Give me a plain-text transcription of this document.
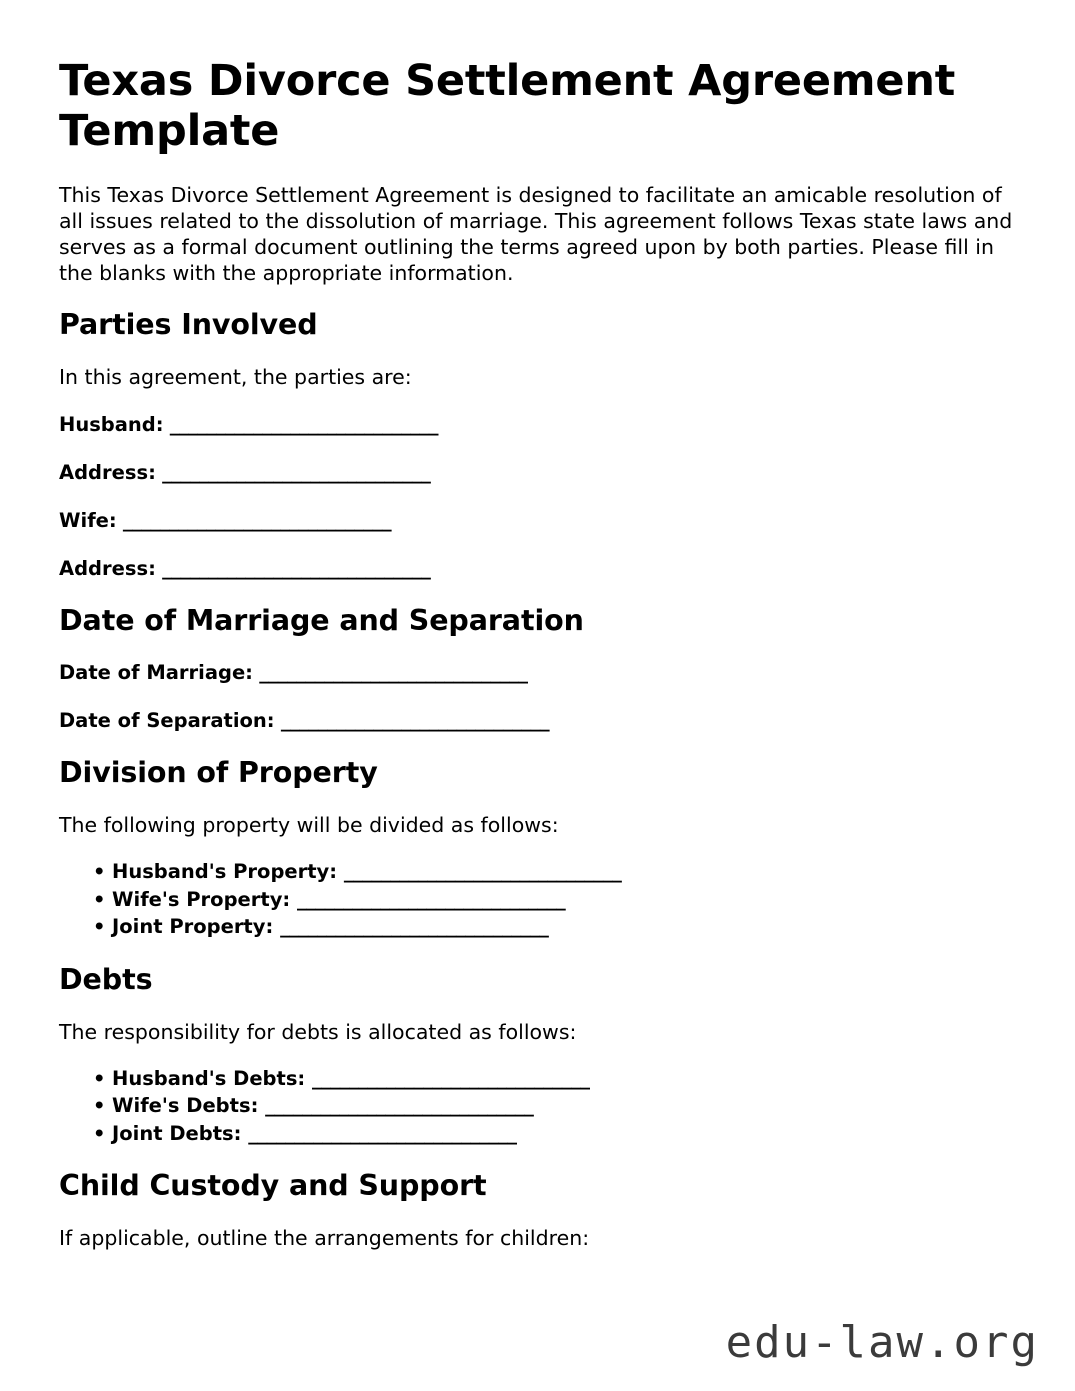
Texas Divorce Settlement Agreement Template

This Texas Divorce Settlement Agreement is designed to facilitate an amicable resolution of all issues related to the dissolution of marriage. This agreement follows Texas state laws and serves as a formal document outlining the terms agreed upon by both parties. Please fill in the blanks with the appropriate information.

Parties Involved

In this agreement, the parties are:

Husband: _____________________________

Address: _____________________________

Wife: _____________________________

Address: _____________________________

Date of Marriage and Separation

Date of Marriage: _____________________________

Date of Separation: _____________________________

Division of Property

The following property will be divided as follows:

• Husband's Property: ______________________________
• Wife's Property: _____________________________
• Joint Property: _____________________________
Debts

The responsibility for debts is allocated as follows:

• Husband's Debts: ______________________________
• Wife's Debts: _____________________________
• Joint Debts: _____________________________
Child Custody and Support

If applicable, outline the arrangements for children:

edu-law.org
